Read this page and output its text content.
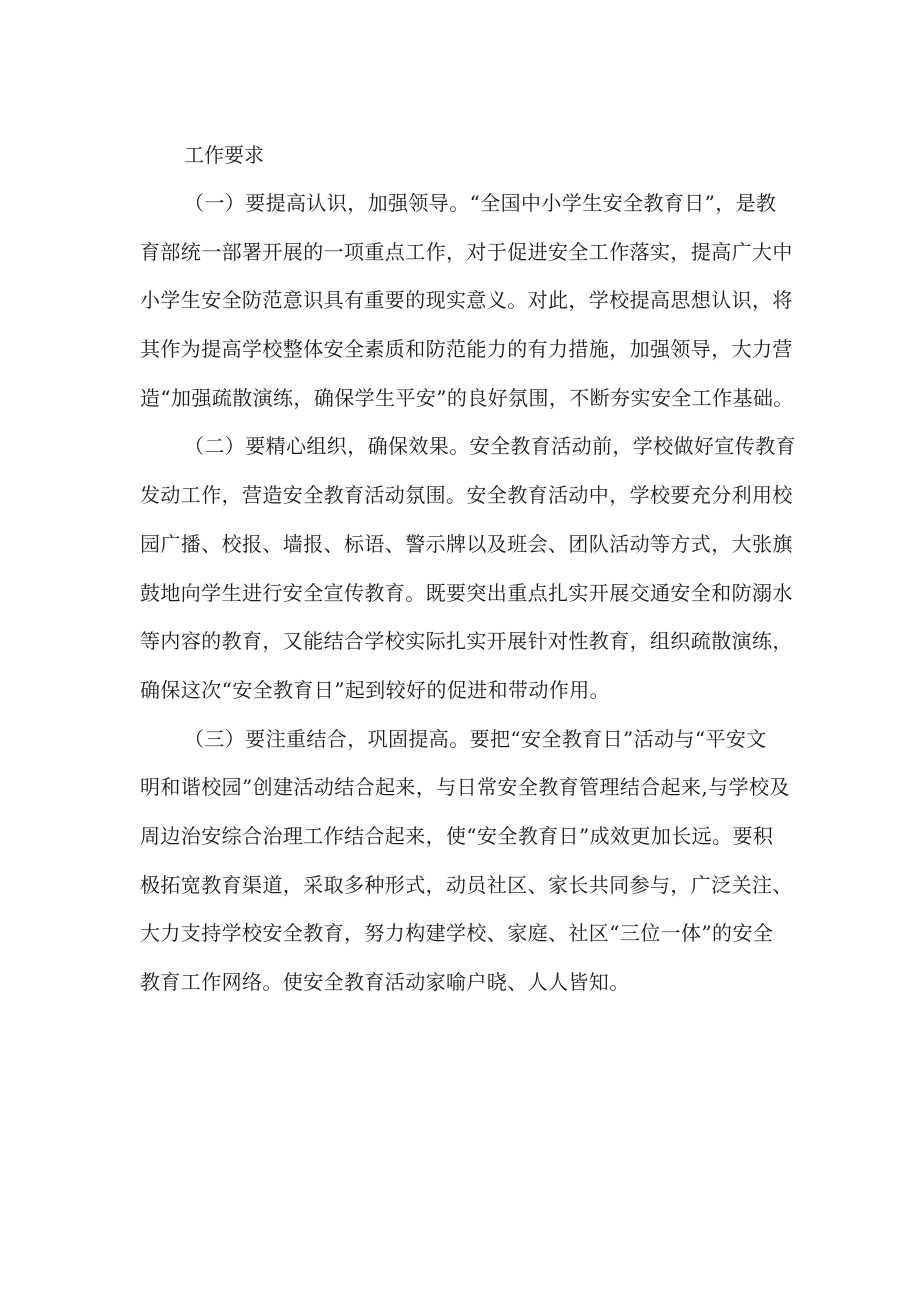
工作要求
（一）要提高认识，加强领导。“全国中小学生安全教育日”，是教
育部统一部署开展的一项重点工作，对于促进安全工作落实，提高广大中
小学生安全防范意识具有重要的现实意义。对此，学校提高思想认识，将
其作为提高学校整体安全素质和防范能力的有力措施，加强领导，大力营
造“加强疏散演练，确保学生平安”的良好氛围，不断夯实安全工作基础。
（二）要精心组织，确保效果。安全教育活动前，学校做好宣传教育
发动工作，营造安全教育活动氛围。安全教育活动中，学校要充分利用校
园广播、校报、墙报、标语、警示牌以及班会、团队活动等方式，大张旗
鼓地向学生进行安全宣传教育。既要突出重点扎实开展交通安全和防溺水
等内容的教育，又能结合学校实际扎实开展针对性教育，组织疏散演练，
确保这次“安全教育日”起到较好的促进和带动作用。
（三）要注重结合，巩固提高。要把“安全教育日”活动与“平安文
明和谐校园”创建活动结合起来，与日常安全教育管理结合起来,与学校及
周边治安综合治理工作结合起来，使“安全教育日”成效更加长远。要积
极拓宽教育渠道，采取多种形式，动员社区、家长共同参与，广泛关注、
大力支持学校安全教育，努力构建学校、家庭、社区“三位一体”的安全
教育工作网络。使安全教育活动家喻户晓、人人皆知。
